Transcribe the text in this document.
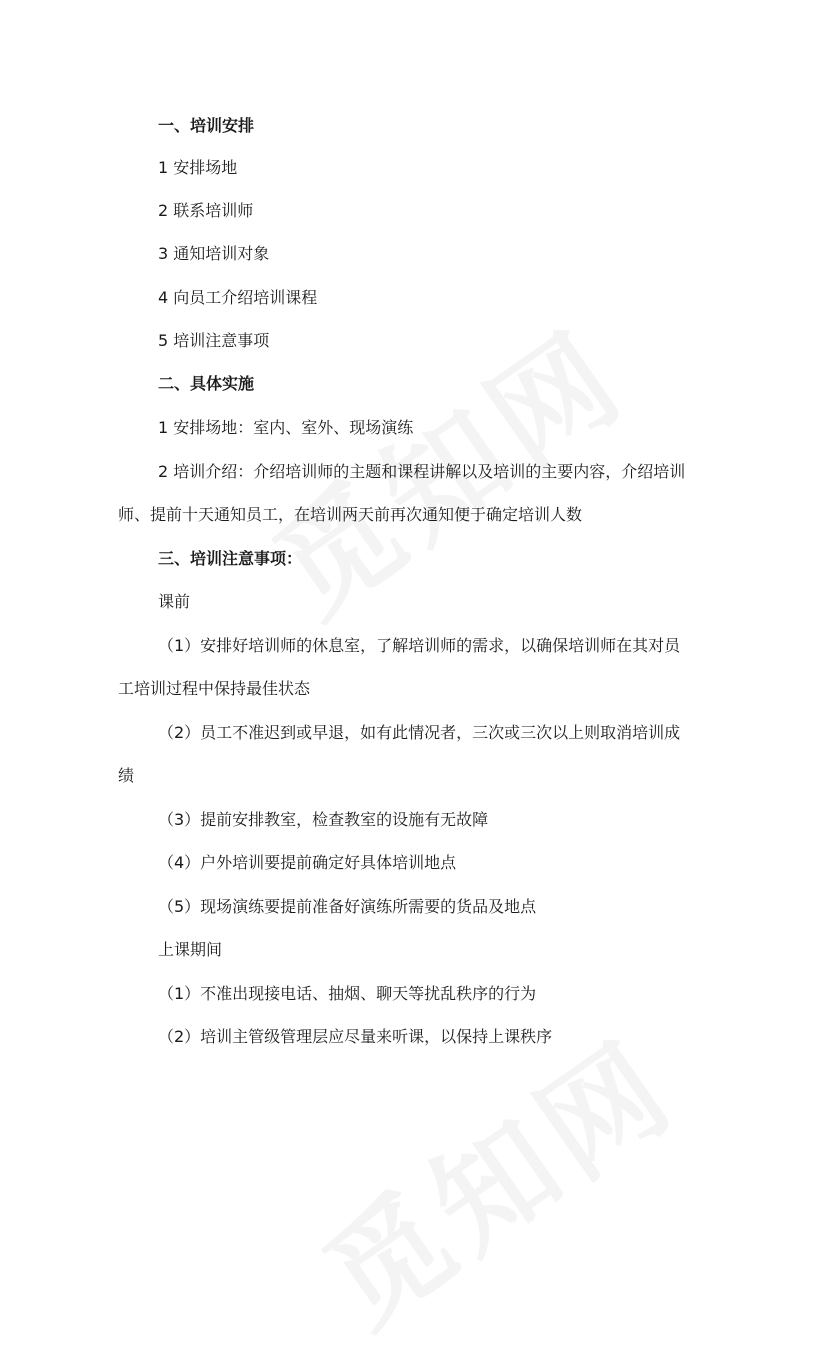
一、培训安排
1 安排场地
2 联系培训师
3 通知培训对象
4 向员工介绍培训课程
5 培训注意事项
二、具体实施
1 安排场地：室内、室外、现场演练
2 培训介绍：介绍培训师的主题和课程讲解以及培训的主要内容，介绍培训
师、提前十天通知员工，在培训两天前再次通知便于确定培训人数
三、培训注意事项：
课前
（1）安排好培训师的休息室，了解培训师的需求，以确保培训师在其对员
工培训过程中保持最佳状态
（2）员工不准迟到或早退，如有此情况者，三次或三次以上则取消培训成
绩
（3）提前安排教室，检查教室的设施有无故障
（4）户外培训要提前确定好具体培训地点
（5）现场演练要提前准备好演练所需要的货品及地点
上课期间
（1）不准出现接电话、抽烟、聊天等扰乱秩序的行为
（2）培训主管级管理层应尽量来听课，以保持上课秩序
